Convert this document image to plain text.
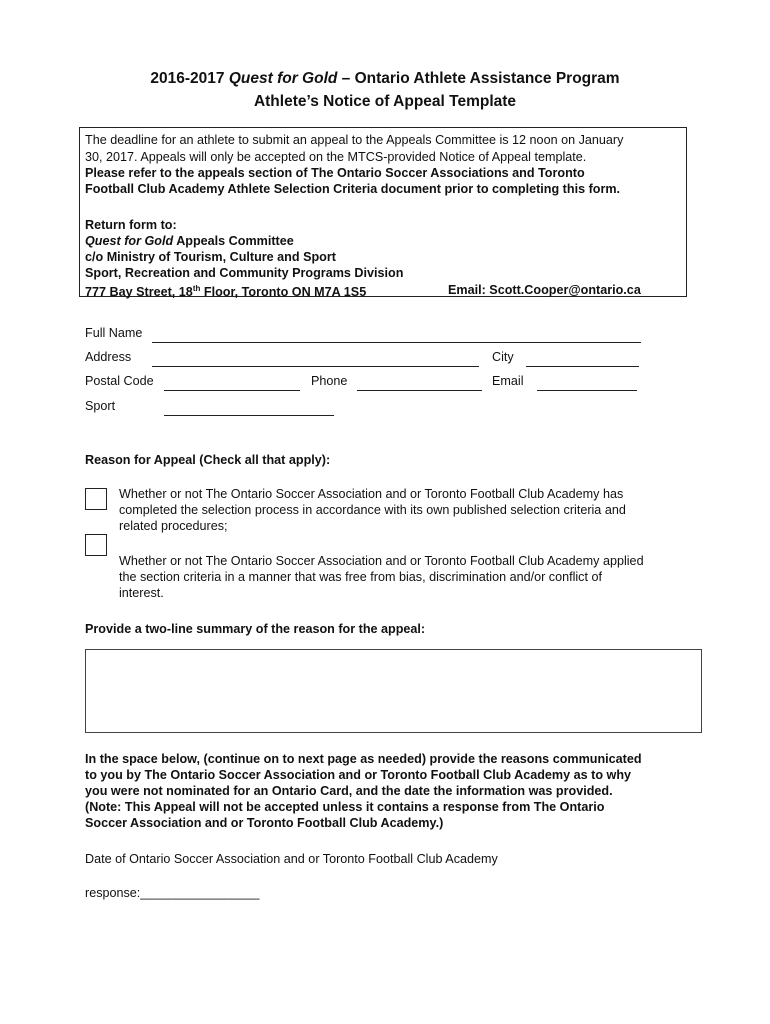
2016-2017 Quest for Gold – Ontario Athlete Assistance Program
Athlete’s Notice of Appeal Template
The deadline for an athlete to submit an appeal to the Appeals Committee is 12 noon on January
30, 2017. Appeals will only be accepted on the MTCS-provided Notice of Appeal template.
Please refer to the appeals section of The Ontario Soccer Associations and Toronto
Football Club Academy Athlete Selection Criteria document prior to completing this form.
Return form to:
Quest for Gold Appeals Committee
c/o Ministry of Tourism, Culture and Sport
Sport, Recreation and Community Programs Division
777 Bay Street, 18th Floor, Toronto ON M7A 1S5	Email: Scott.Cooper@ontario.ca
Full Name
Address	City
Postal Code	Phone	Email
Sport
Reason for Appeal (Check all that apply):
Whether or not The Ontario Soccer Association and or Toronto Football Club Academy has
completed the selection process in accordance with its own published selection criteria and
related procedures;
Whether or not The Ontario Soccer Association and or Toronto Football Club Academy applied
the section criteria in a manner that was free from bias, discrimination and/or conflict of
interest.
Provide a two-line summary of the reason for the appeal:
In the space below, (continue on to next page as needed) provide the reasons communicated
to you by The Ontario Soccer Association and or Toronto Football Club Academy as to why
you were not nominated for an Ontario Card, and the date the information was provided.
(Note: This Appeal will not be accepted unless it contains a response from The Ontario
Soccer Association and or Toronto Football Club Academy.)
Date of Ontario Soccer Association and or Toronto Football Club Academy
response:_________________
